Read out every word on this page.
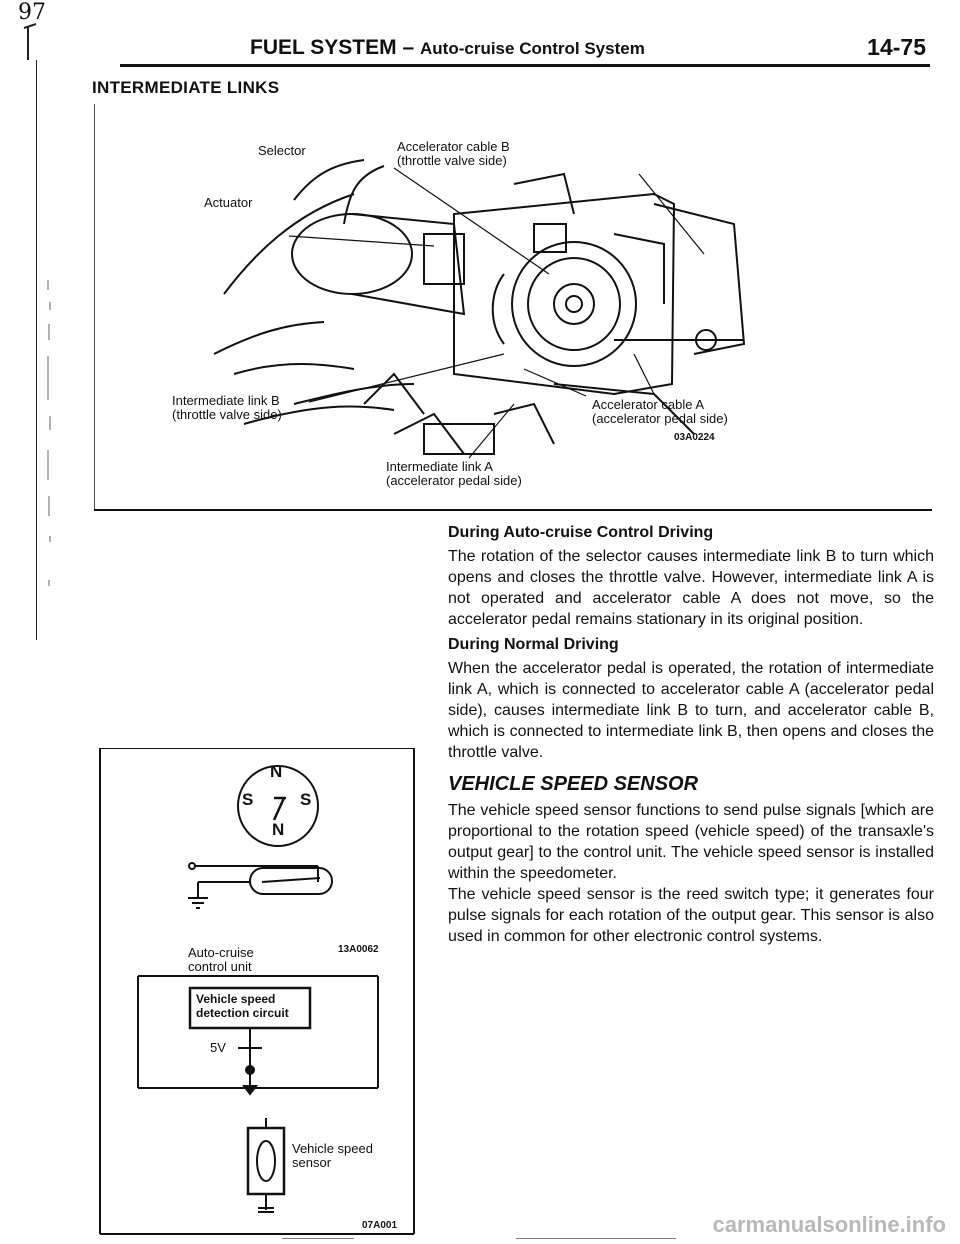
97
FUEL SYSTEM – Auto-cruise Control System	14-75
INTERMEDIATE LINKS
Selector	Accelerator cable B
(throttle valve side)
Actuator
Intermediate link B
(throttle valve side)
Accelerator cable A
(accelerator pedal side)
03A0224
Intermediate link A
(accelerator pedal side)
During Auto-cruise Control Driving

The rotation of the selector causes intermediate link B to turn which opens and closes the throttle valve. However, intermediate link A is not operated and accelerator cable A does not move, so the accelerator pedal remains stationary in its original position.

During Normal Driving

When the accelerator pedal is operated, the rotation of intermediate link A, which is connected to accelerator cable A (accelerator pedal side), causes intermediate link B to turn, and accelerator cable B, which is connected to intermediate link B, then opens and closes the throttle valve.

VEHICLE SPEED SENSOR

The vehicle speed sensor functions to send pulse signals [which are proportional to the rotation speed (vehicle speed) of the transaxle's output gear] to the control unit. The vehicle speed sensor is installed within the speedometer.

The vehicle speed sensor is the reed switch type; it generates four pulse signals for each rotation of the output gear. This sensor is also used in common for other electronic control systems.

N
S	S
N
13A0062
Auto-cruise
control unit
Vehicle speed
detection circuit
5V
Vehicle speed
sensor
07A001	carmanualsonline.info
